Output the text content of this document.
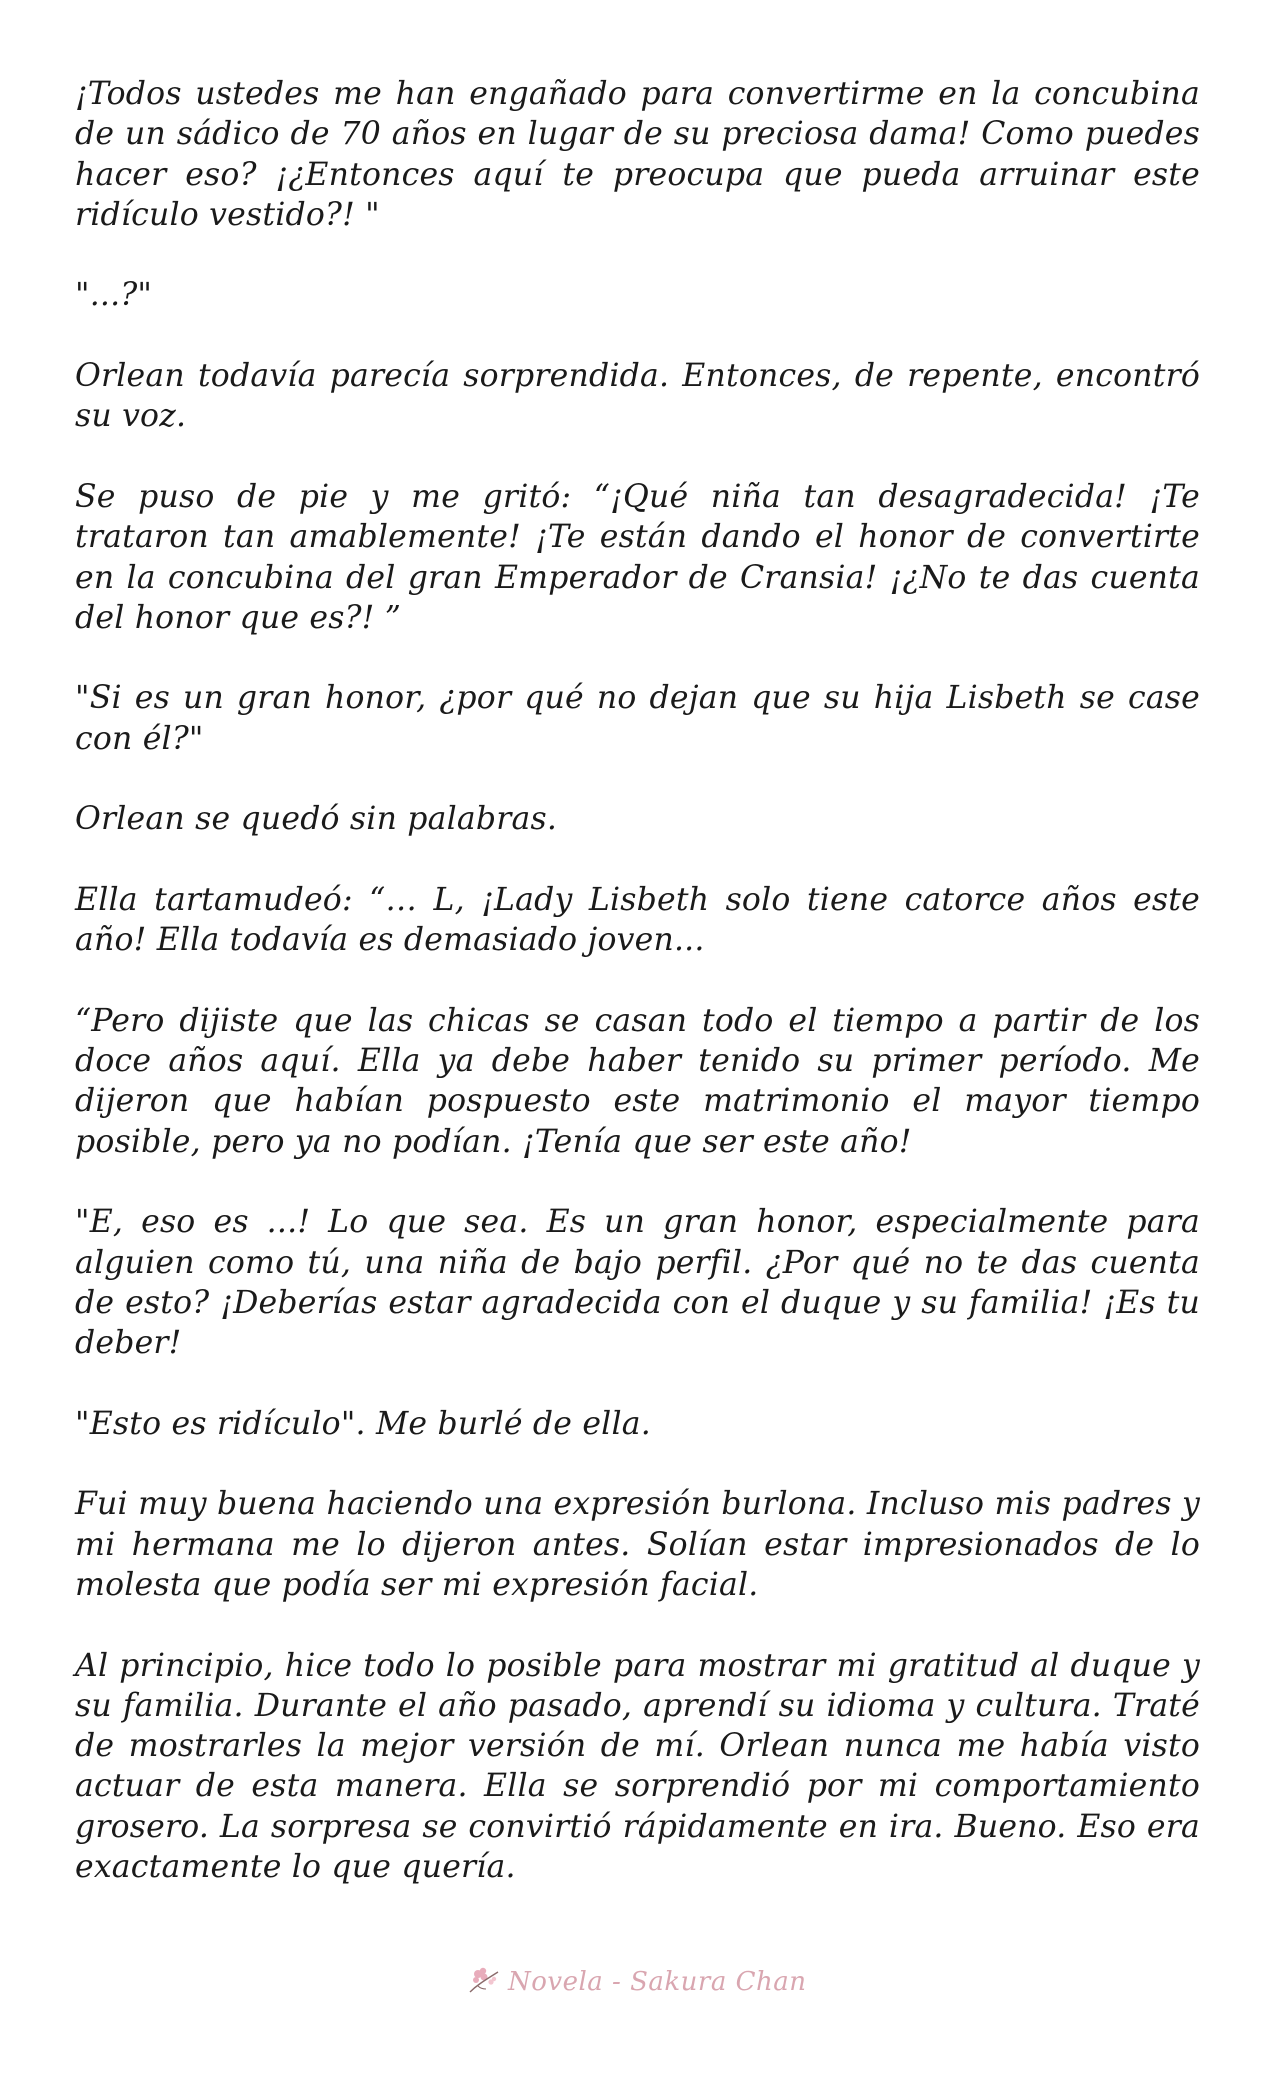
¡Todos ustedes me han engañado para convertirme en la concubina de un sádico de 70 años en lugar de su preciosa dama! Como puedes hacer eso? ¡¿Entonces aquí te preocupa que pueda arruinar este ridículo vestido?! "

"...?"

Orlean todavía parecía sorprendida. Entonces, de repente, encontró su voz.

Se puso de pie y me gritó: “¡Qué niña tan desagradecida! ¡Te trataron tan amablemente! ¡Te están dando el honor de convertirte en la concubina del gran Emperador de Cransia! ¡¿No te das cuenta del honor que es?! ”

"Si es un gran honor, ¿por qué no dejan que su hija Lisbeth se case con él?"

Orlean se quedó sin palabras.

Ella tartamudeó: “… L, ¡Lady Lisbeth solo tiene catorce años este año! Ella todavía es demasiado joven...

“Pero dijiste que las chicas se casan todo el tiempo a partir de los doce años aquí. Ella ya debe haber tenido su primer período. Me dijeron que habían pospuesto este matrimonio el mayor tiempo posible, pero ya no podían. ¡Tenía que ser este año!

"E, eso es ...! Lo que sea. Es un gran honor, especialmente para alguien como tú, una niña de bajo perfil. ¿Por qué no te das cuenta de esto? ¡Deberías estar agradecida con el duque y su familia! ¡Es tu deber!

"Esto es ridículo". Me burlé de ella.

Fui muy buena haciendo una expresión burlona. Incluso mis padres y mi hermana me lo dijeron antes. Solían estar impresionados de lo molesta que podía ser mi expresión facial.

Al principio, hice todo lo posible para mostrar mi gratitud al duque y su familia. Durante el año pasado, aprendí su idioma y cultura. Traté de mostrarles la mejor versión de mí. Orlean nunca me había visto actuar de esta manera. Ella se sorprendió por mi comportamiento grosero. La sorpresa se convirtió rápidamente en ira. Bueno. Eso era exactamente lo que quería.

Novela - Sakura Chan
